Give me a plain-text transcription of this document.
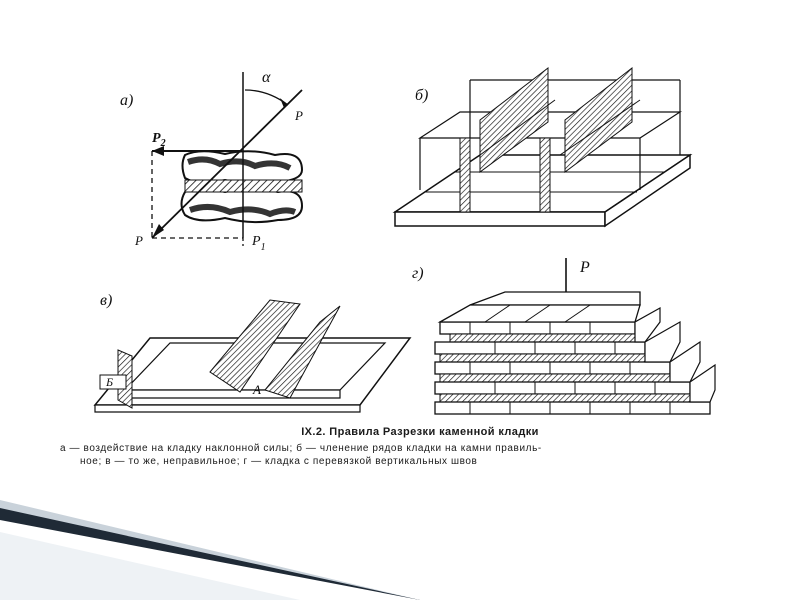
а)
α
P
$P_2$
P	$P_1$
б)
в)
Б	A
г)	P
IX.2. Правила Разрезки каменной кладки
а — воздействие на кладку наклонной силы; б — членение рядов кладки на камни правиль-
ное; в — то же, неправильное; г — кладка с перевязкой вертикальных швов
